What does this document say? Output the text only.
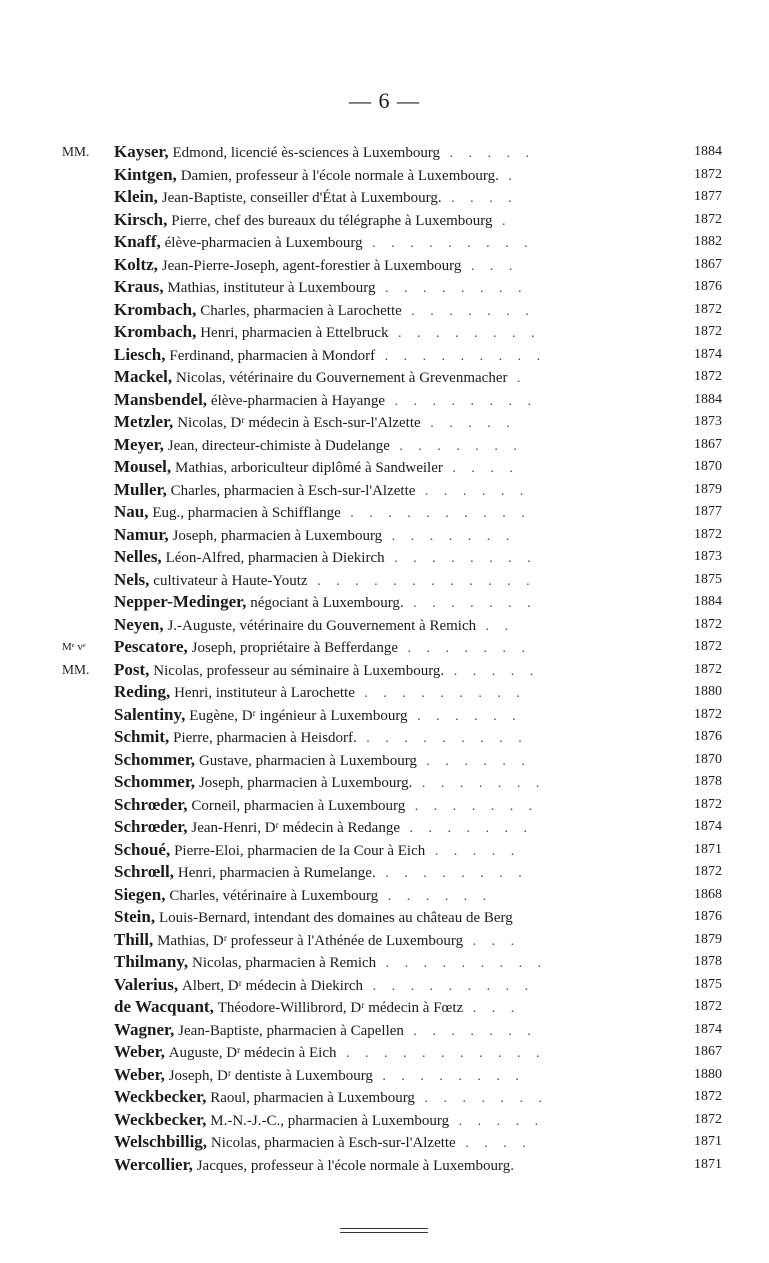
— 6 —
MM. Kayser, Edmond, licencié ès-sciences à Luxembourg . . . . .	1884
Kintgen, Damien, professeur à l'école normale à Luxembourg. .	1872
Klein, Jean-Baptiste, conseiller d'État à Luxembourg. . . . .	1877
Kirsch, Pierre, chef des bureaux du télégraphe à Luxembourg .	1872
Knaff, élève-pharmacien à Luxembourg . . . . . . . . .	1882
Koltz, Jean-Pierre-Joseph, agent-forestier à Luxembourg . . .	1867
Kraus, Mathias, instituteur à Luxembourg . . . . . . . .	1876
Krombach, Charles, pharmacien à Larochette . . . . . . .	1872
Krombach, Henri, pharmacien à Ettelbruck . . . . . . . .	1872
Liesch, Ferdinand, pharmacien à Mondorf . . . . . . . . .	1874
Mackel, Nicolas, vétérinaire du Gouvernement à Grevenmacher .	1872
Mansbendel, élève-pharmacien à Hayange . . . . . . . .	1884
Metzler, Nicolas, Dʳ médecin à Esch-sur-l'Alzette . . . . .	1873
Meyer, Jean, directeur-chimiste à Dudelange . . . . . . .	1867
Mousel, Mathias, arboriculteur diplômé à Sandweiler . . . .	1870
Muller, Charles, pharmacien à Esch-sur-l'Alzette . . . . . .	1879
Nau, Eug., pharmacien à Schifflange . . . . . . . . . .	1877
Namur, Joseph, pharmacien à Luxembourg . . . . . . .	1872
Nelles, Léon-Alfred, pharmacien à Diekirch . . . . . . . .	1873
Nels, cultivateur à Haute-Youtz . . . . . . . . . . . .	1875
Nepper-Medinger, négociant à Luxembourg. . . . . . . .	1884
Neyen, J.-Auguste, vétérinaire du Gouvernement à Remich . .	1872
Mᵉ vᵉ Pescatore, Joseph, propriétaire à Befferdange . . . . . . .	1872
MM. Post, Nicolas, professeur au séminaire à Luxembourg. . . . . .	1872
Reding, Henri, instituteur à Larochette . . . . . . . . .	1880
Salentiny, Eugène, Dʳ ingénieur à Luxembourg . . . . . .	1872
Schmit, Pierre, pharmacien à Heisdorf. . . . . . . . . .	1876
Schommer, Gustave, pharmacien à Luxembourg . . . . . .	1870
Schommer, Joseph, pharmacien à Luxembourg. . . . . . . .	1878
Schrœder, Corneil, pharmacien à Luxembourg . . . . . . .	1872
Schrœder, Jean-Henri, Dʳ médecin à Redange . . . . . . .	1874
Schoué, Pierre-Eloi, pharmacien de la Cour à Eich . . . . .	1871
Schrœll, Henri, pharmacien à Rumelange. . . . . . . . .	1872
Siegen, Charles, vétérinaire à Luxembourg . . . . . .	1868
Stein, Louis-Bernard, intendant des domaines au château de Berg	1876
Thill, Mathias, Dʳ professeur à l'Athénée de Luxembourg . . .	1879
Thilmany, Nicolas, pharmacien à Remich . . . . . . . . .	1878
Valerius, Albert, Dʳ médecin à Diekirch . . . . . . . . .	1875
de Wacquant, Théodore-Willibrord, Dʳ médecin à Fœtz . . .	1872
Wagner, Jean-Baptiste, pharmacien à Capellen . . . . . . .	1874
Weber, Auguste, Dʳ médecin à Eich . . . . . . . . . . .	1867
Weber, Joseph, Dʳ dentiste à Luxembourg . . . . . . . .	1880
Weckbecker, Raoul, pharmacien à Luxembourg . . . . . . .	1872
Weckbecker, M.-N.-J.-C., pharmacien à Luxembourg . . . . .	1872
Welschbillig, Nicolas, pharmacien à Esch-sur-l'Alzette . . . .	1871
Wercollier, Jacques, professeur à l'école normale à Luxembourg.	1871
